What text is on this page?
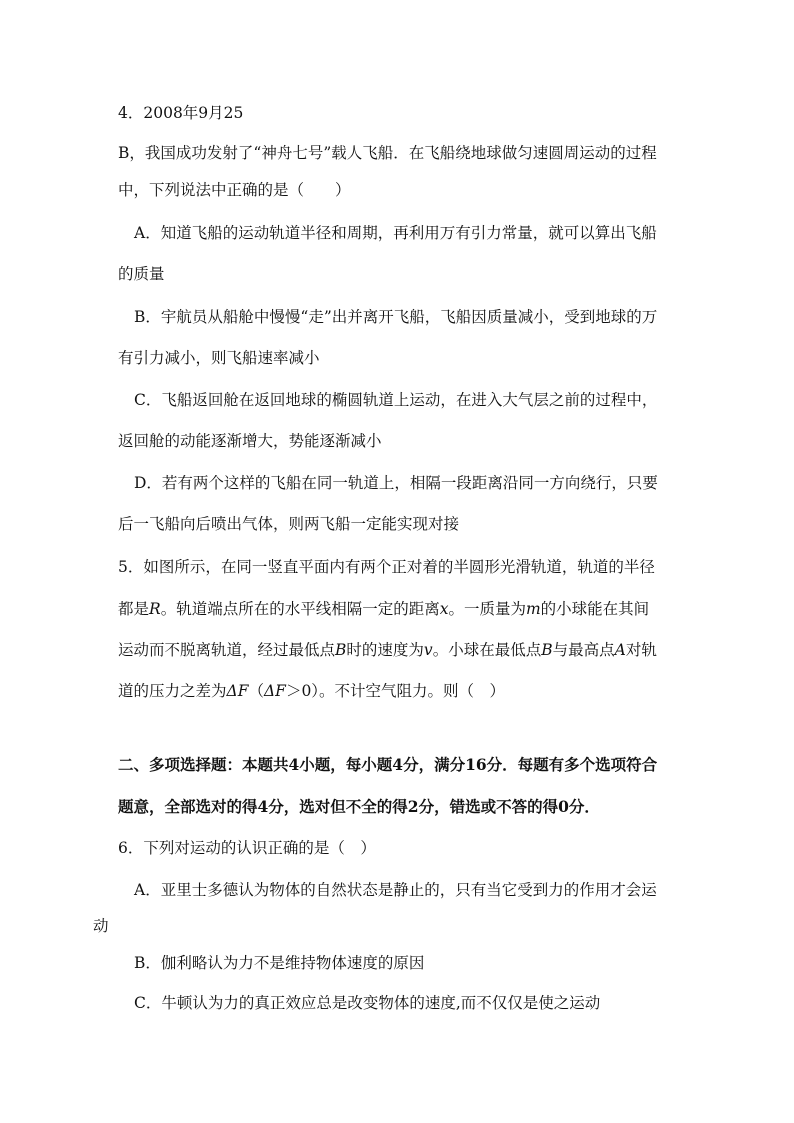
4．2008年9月25
B，我国成功发射了“神舟七号”载人飞船．在飞船绕地球做匀速圆周运动的过程
中，下列说法中正确的是（　　）
A．知道飞船的运动轨道半径和周期，再利用万有引力常量，就可以算出飞船
的质量
B．宇航员从船舱中慢慢“走”出并离开飞船，飞船因质量减小，受到地球的万
有引力减小，则飞船速率减小
C．飞船返回舱在返回地球的椭圆轨道上运动，在进入大气层之前的过程中，
返回舱的动能逐渐增大，势能逐渐减小
D．若有两个这样的飞船在同一轨道上，相隔一段距离沿同一方向绕行，只要
后一飞船向后喷出气体，则两飞船一定能实现对接
5．如图所示，在同一竖直平面内有两个正对着的半圆形光滑轨道，轨道的半径
都是R。轨道端点所在的水平线相隔一定的距离x。一质量为m的小球能在其间
运动而不脱离轨道，经过最低点B时的速度为v。小球在最低点B与最高点A对轨
道的压力之差为ΔF（ΔF＞0）。不计空气阻力。则（　）
二、多项选择题：本题共4小题，每小题4分，满分16分．每题有多个选项符合
题意，全部选对的得4分，选对但不全的得2分，错选或不答的得0分．
6．下列对运动的认识正确的是（　）
A．亚里士多德认为物体的自然状态是静止的，只有当它受到力的作用才会运
动
B．伽利略认为力不是维持物体速度的原因
C．牛顿认为力的真正效应总是改变物体的速度,而不仅仅是使之运动
